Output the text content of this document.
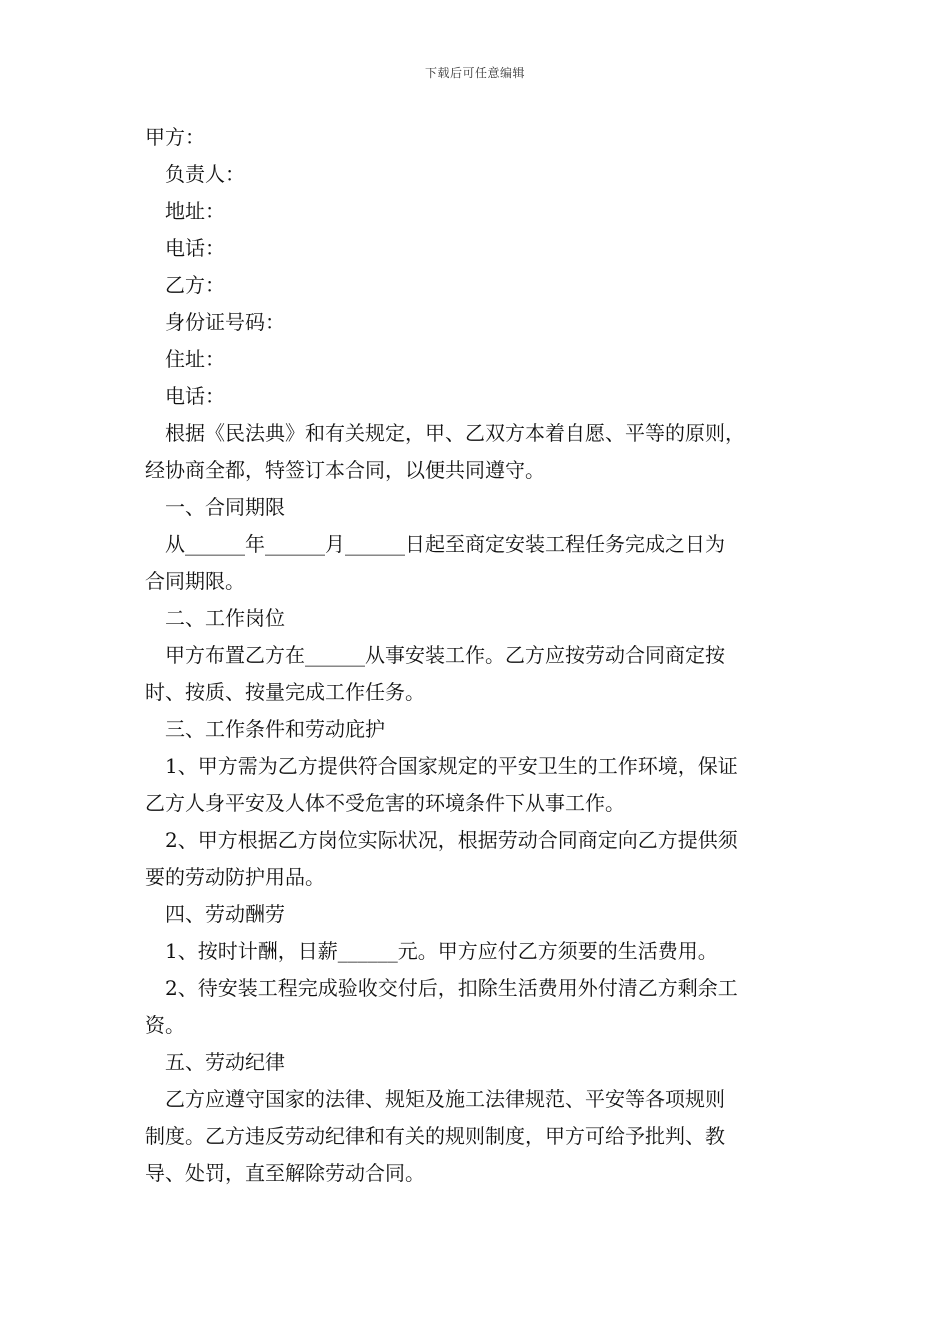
下载后可任意编辑
甲方：
负责人：
地址：
电话：
乙方：
身份证号码：
住址：
电话：
根据《民法典》和有关规定，甲、乙双方本着自愿、平等的原则，
经协商全都，特签订本合同，以便共同遵守。
一、合同期限
从______年______月______日起至商定安装工程任务完成之日为
合同期限。
二、工作岗位
甲方布置乙方在______从事安装工作。乙方应按劳动合同商定按
时、按质、按量完成工作任务。
三、工作条件和劳动庇护
1、甲方需为乙方提供符合国家规定的平安卫生的工作环境，保证
乙方人身平安及人体不受危害的环境条件下从事工作。
2、甲方根据乙方岗位实际状况，根据劳动合同商定向乙方提供须
要的劳动防护用品。
四、劳动酬劳
1、按时计酬，日薪______元。甲方应付乙方须要的生活费用。
2、待安装工程完成验收交付后，扣除生活费用外付清乙方剩余工
资。
五、劳动纪律
乙方应遵守国家的法律、规矩及施工法律规范、平安等各项规则
制度。乙方违反劳动纪律和有关的规则制度，甲方可给予批判、教
导、处罚，直至解除劳动合同。
